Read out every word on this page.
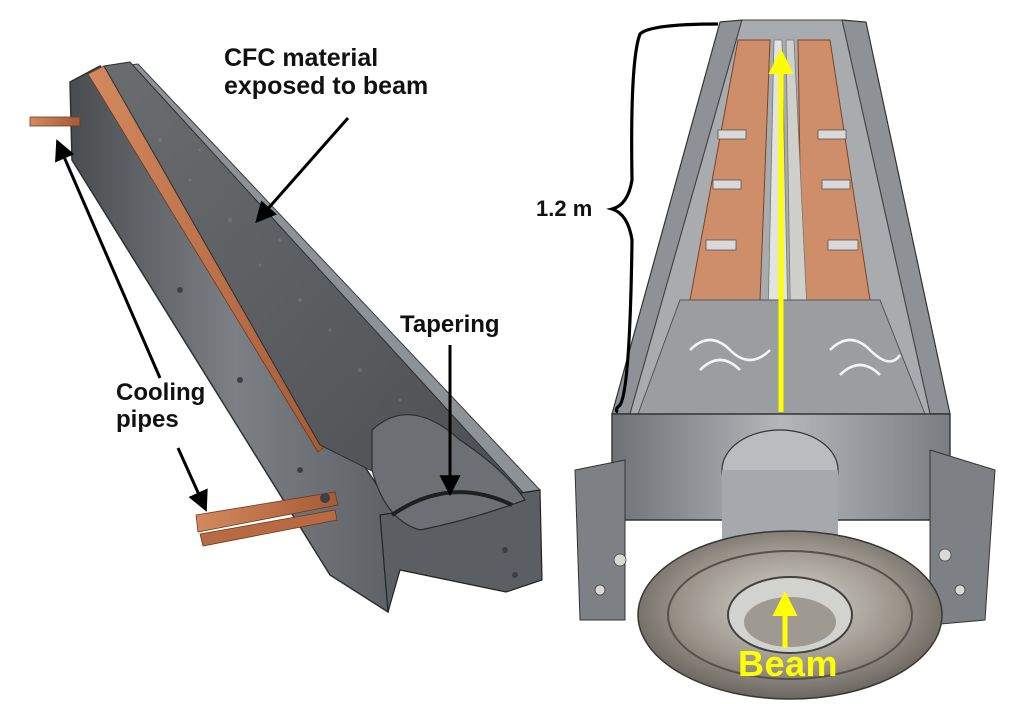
CFC material
exposed to beam
Cooling
pipes
Tapering
1.2 m
Beam
